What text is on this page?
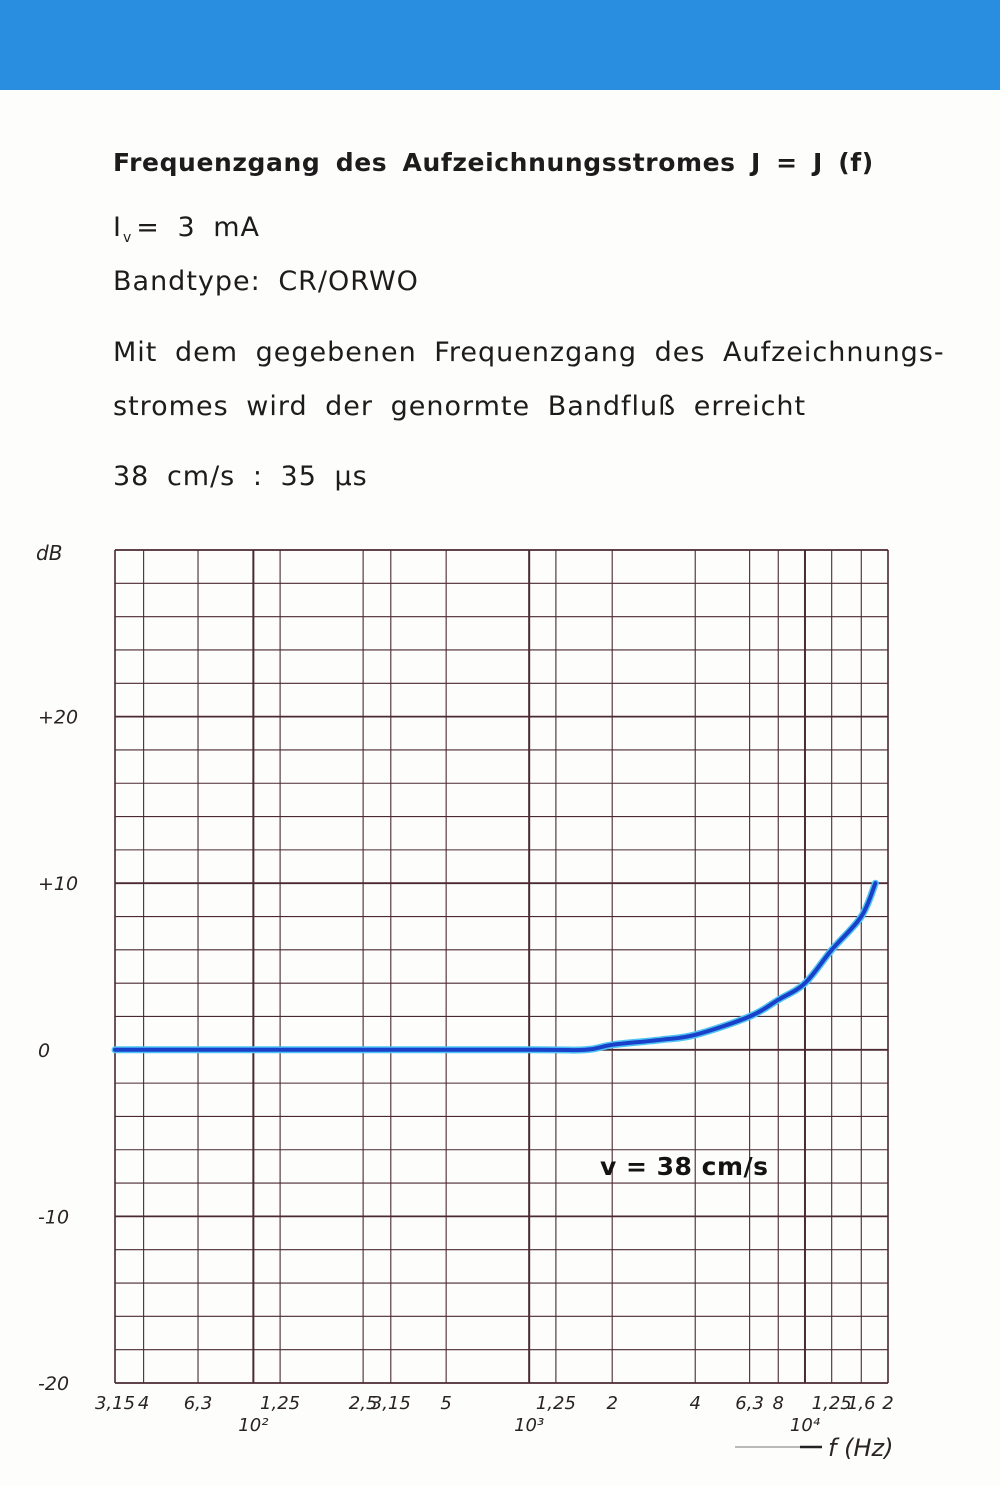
Frequenzgang des Aufzeichnungsstromes J = J (f)
$I_v = 3$ mA
Bandtype: CR/ORWO
Mit dem gegebenen Frequenzgang des Aufzeichnungs-
stromes wird der genormte Bandfluß erreicht
38 cm/s : 35 µs
3,15 4 6,3
10²
1,25	2,5
3,15 5
10³
1,25 2	4 6,3 8
10⁴
1,25
1,6 2
+20
+10
0
-10
-20
dB
f (Hz)
v = 38 cm/s
